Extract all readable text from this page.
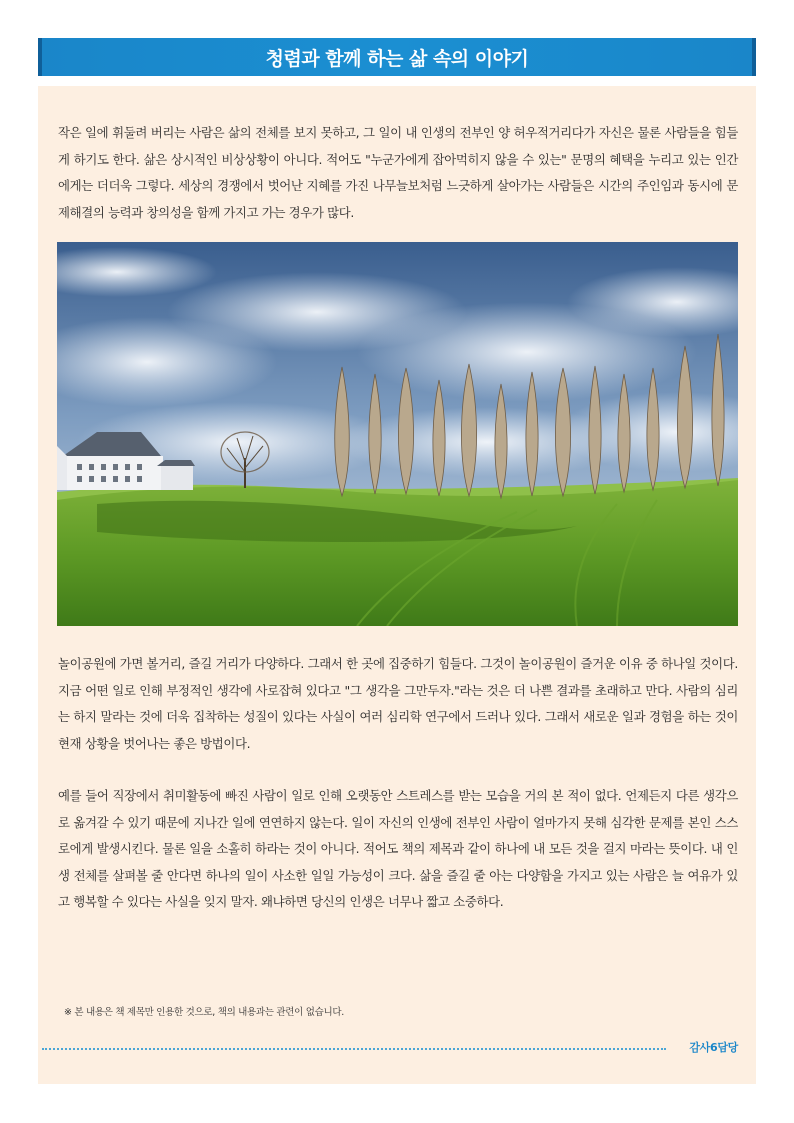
청렴과 함께 하는 삶 속의 이야기

작은 일에 휘둘려 버리는 사람은 삶의 전체를 보지 못하고, 그 일이 내 인생의 전부인 양 허우적거리다가 자신은 물론 사람들을 힘들게 하기도 한다. 삶은 상시적인 비상상황이 아니다. 적어도 "누군가에게 잡아먹히지 않을 수 있는" 문명의 혜택을 누리고 있는 인간에게는 더더욱 그렇다. 세상의 경쟁에서 벗어난 지혜를 가진 나무늘보처럼 느긋하게 살아가는 사람들은 시간의 주인임과 동시에 문제해결의 능력과 창의성을 함께 가지고 가는 경우가 많다.

놀이공원에 가면 볼거리, 즐길 거리가 다양하다. 그래서 한 곳에 집중하기 힘들다. 그것이 놀이공원이 즐거운 이유 중 하나일 것이다. 지금 어떤 일로 인해 부정적인 생각에 사로잡혀 있다고 "그 생각을 그만두자."라는 것은 더 나쁜 결과를 초래하고 만다. 사람의 심리는 하지 말라는 것에 더욱 집착하는 성질이 있다는 사실이 여러 심리학 연구에서 드러나 있다. 그래서 새로운 일과 경험을 하는 것이 현재 상황을 벗어나는 좋은 방법이다.

예를 들어 직장에서 취미활동에 빠진 사람이 일로 인해 오랫동안 스트레스를 받는 모습을 거의 본 적이 없다. 언제든지 다른 생각으로 옮겨갈 수 있기 때문에 지나간 일에 연연하지 않는다. 일이 자신의 인생에 전부인 사람이 얼마가지 못해 심각한 문제를 본인 스스로에게 발생시킨다. 물론 일을 소홀히 하라는 것이 아니다. 적어도 책의 제목과 같이 하나에 내 모든 것을 걸지 마라는 뜻이다. 내 인생 전체를 살펴볼 줄 안다면 하나의 일이 사소한 일일 가능성이 크다. 삶을 즐길 줄 아는 다양함을 가지고 있는 사람은 늘 여유가 있고 행복할 수 있다는 사실을 잊지 말자. 왜냐하면 당신의 인생은 너무나 짧고 소중하다.

※ 본 내용은 책 제목만 인용한 것으로, 책의 내용과는 관련이 없습니다.
감사6담당
